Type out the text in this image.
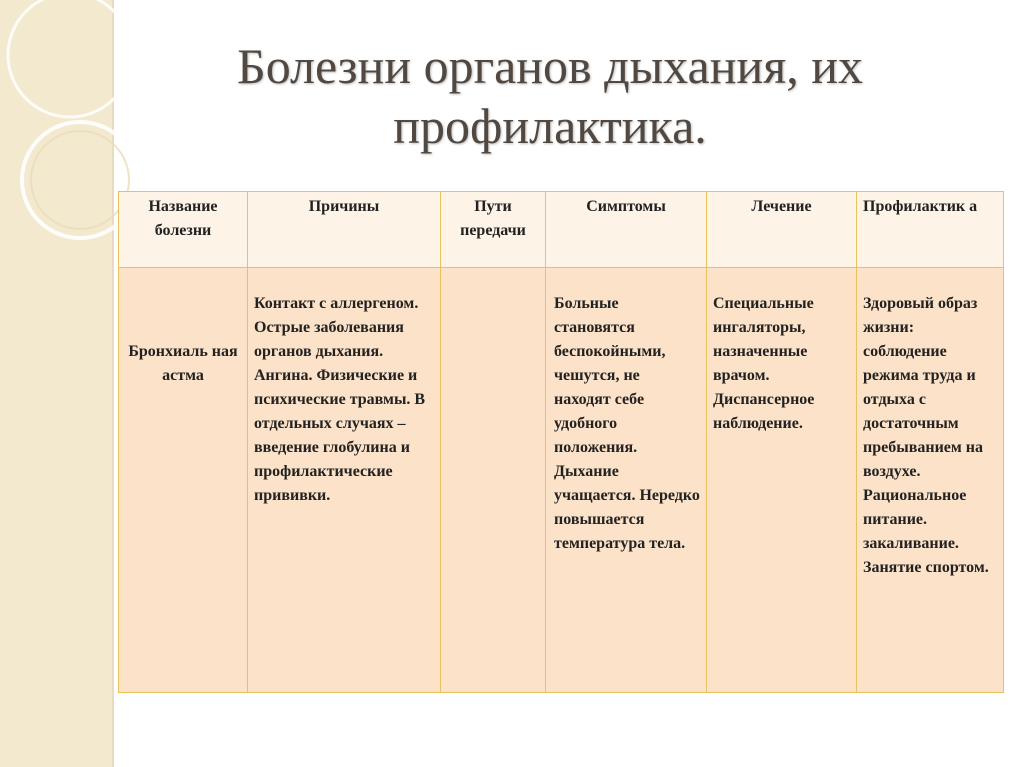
Болезни органов дыхания, их
профилактика.
Название болезни	Причины	Пути передачи	Симптомы	Лечение	Профилактик а
Бронхиаль ная астма	Контакт с аллергеном. Острые заболевания органов дыхания. Ангина. Физические и психические травмы. В отдельных случаях – введение глобулина и профилактические прививки.		Больные становятся беспокойными, чешутся, не находят себе удобного положения. Дыхание учащается. Нередко повышается температура тела.	Специальные ингаляторы, назначенные врачом. Диспансерное наблюдение.	Здоровый образ жизни: соблюдение режима труда и отдыха с достаточным пребыванием на воздухе. Рациональное питание. закаливание. Занятие спортом.
